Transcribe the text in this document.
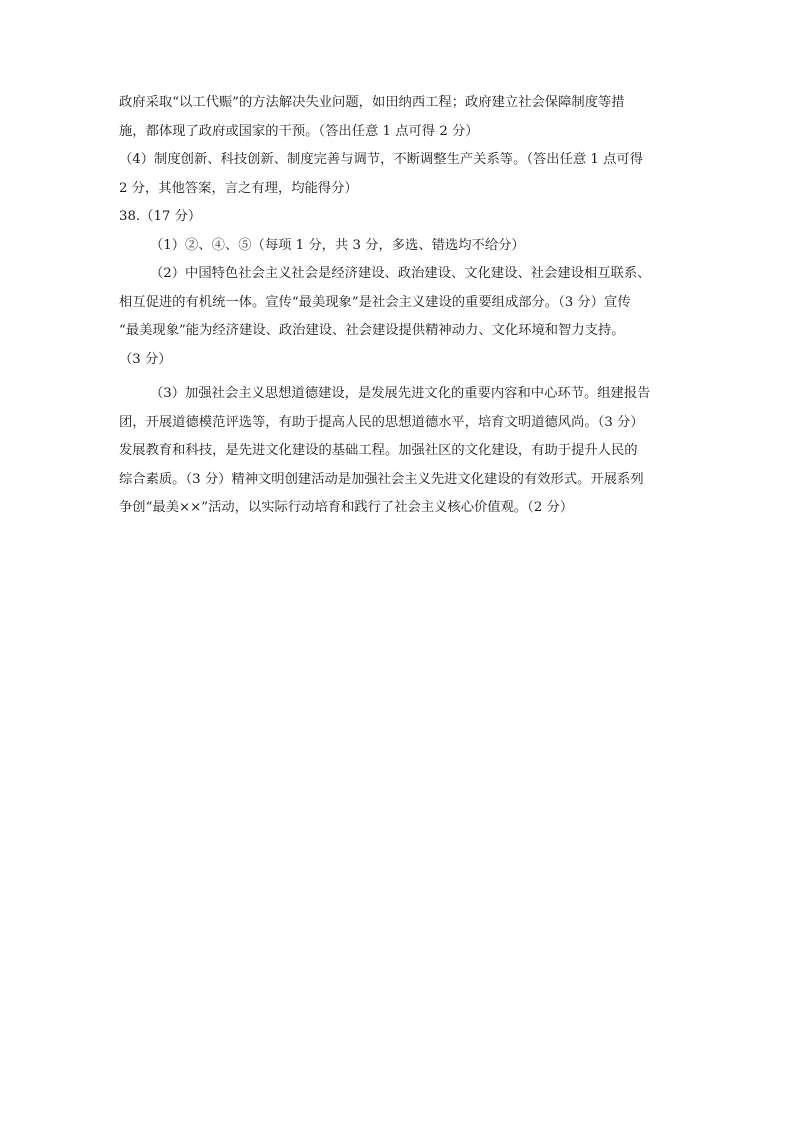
政府采取“以工代赈”的方法解决失业问题，如田纳西工程；政府建立社会保障制度等措
施，都体现了政府或国家的干预。（答出任意 1 点可得 2 分）
（4）制度创新、科技创新、制度完善与调节，不断调整生产关系等。（答出任意 1 点可得
2 分，其他答案，言之有理，均能得分）
38.（17 分）
（1）②、④、⑤（每项 1 分，共 3 分，多选、错选均不给分）
（2）中国特色社会主义社会是经济建设、政治建设、文化建设、社会建设相互联系、
相互促进的有机统一体。宣传“最美现象”是社会主义建设的重要组成部分。（3 分）宣传
“最美现象”能为经济建设、政治建设、社会建设提供精神动力、文化环境和智力支持。
（3 分）
（3）加强社会主义思想道德建设，是发展先进文化的重要内容和中心环节。组建报告
团，开展道德模范评选等，有助于提高人民的思想道德水平，培育文明道德风尚。（3 分）
发展教育和科技，是先进文化建设的基础工程。加强社区的文化建设，有助于提升人民的
综合素质。（3 分）精神文明创建活动是加强社会主义先进文化建设的有效形式。开展系列
争创“最美××”活动，以实际行动培育和践行了社会主义核心价值观。（2 分）
